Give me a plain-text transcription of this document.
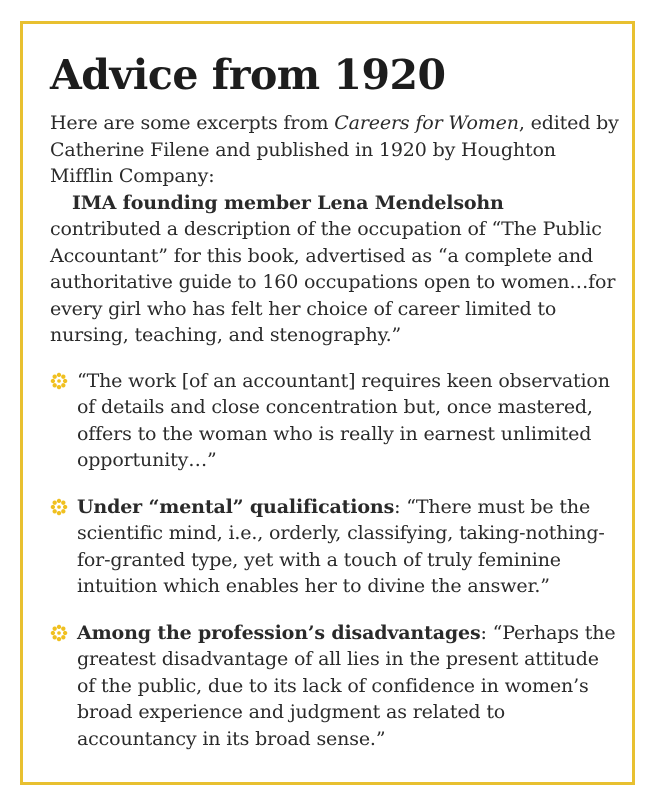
Advice from 1920

Here are some excerpts from Careers for Women, edited by Catherine Filene and published in 1920 by Houghton Mifflin Company:

IMA founding member Lena Mendelsohn contributed a description of the occupation of “The Public Accountant” for this book, advertised as “a complete and authoritative guide to 160 occupations open to women…for every girl who has felt her choice of career limited to nursing, teaching, and stenography.”

“The work [of an accountant] requires keen observation of details and close concentration but, once mastered, offers to the woman who is really in earnest unlimited opportunity…”
Under “mental” qualifications: “There must be the scientific mind, i.e., orderly, classifying, taking-nothing-for-granted type, yet with a touch of truly feminine intuition which enables her to divine the answer.”
Among the profession’s disadvantages: “Perhaps the greatest disadvantage of all lies in the present attitude of the public, due to its lack of confidence in women’s broad experience and judgment as related to accountancy in its broad sense.”
